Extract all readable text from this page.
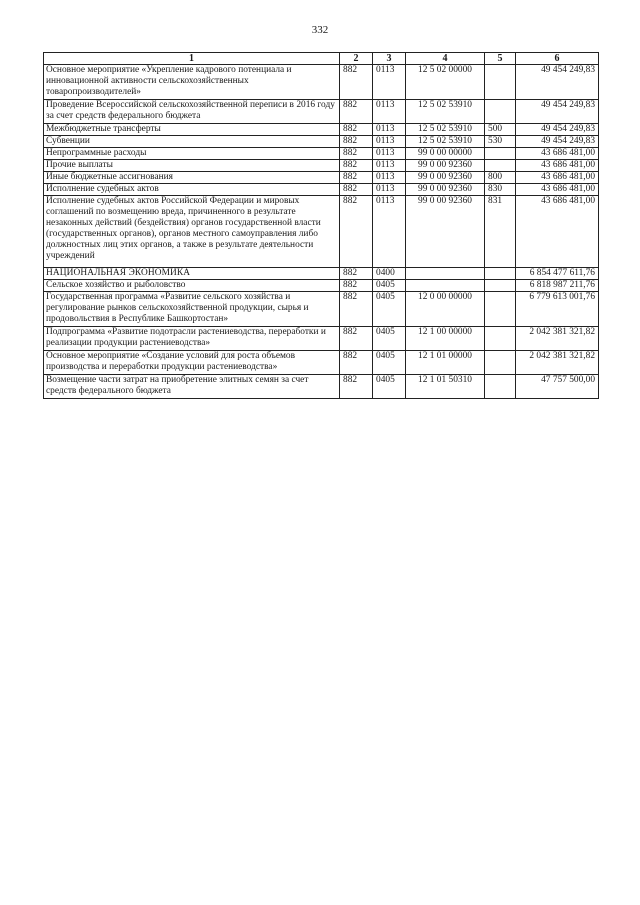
332
1	2	3	4	5	6
Основное мероприятие «Укрепление кадрового потенциала и инновационной активности сельскохозяйственных товаропроизводителей»	882	0113	12 5 02 00000		49 454 249,83
Проведение Всероссийской сельскохозяйственной переписи в 2016 году за счет средств федерального бюджета	882	0113	12 5 02 53910		49 454 249,83
Межбюджетные трансферты	882	0113	12 5 02 53910	500	49 454 249,83
Субвенции	882	0113	12 5 02 53910	530	49 454 249,83
Непрограммные расходы	882	0113	99 0 00 00000		43 686 481,00
Прочие выплаты	882	0113	99 0 00 92360		43 686 481,00
Иные бюджетные ассигнования	882	0113	99 0 00 92360	800	43 686 481,00
Исполнение судебных актов	882	0113	99 0 00 92360	830	43 686 481,00
Исполнение судебных актов Российской Федерации и мировых соглашений по возмещению вреда, причиненного в результате незаконных действий (бездействия) органов государственной власти (государственных органов), органов местного самоуправления либо должностных лиц этих органов, а также в результате деятельности учреждений	882	0113	99 0 00 92360	831	43 686 481,00
НАЦИОНАЛЬНАЯ ЭКОНОМИКА	882	0400			6 854 477 611,76
Сельское хозяйство и рыболовство	882	0405			6 818 987 211,76
Государственная программа «Развитие сельского хозяйства и регулирование рынков сельскохозяйственной продукции, сырья и продовольствия в Республике Башкортостан»	882	0405	12 0 00 00000		6 779 613 001,76
Подпрограмма «Развитие подотрасли растениеводства, переработки и реализации продукции растениеводства»	882	0405	12 1 00 00000		2 042 381 321,82
Основное мероприятие «Создание условий для роста объемов производства и переработки продукции растениеводства»	882	0405	12 1 01 00000		2 042 381 321,82
Возмещение части затрат на приобретение элитных семян за счет средств федерального бюджета	882	0405	12 1 01 50310		47 757 500,00
